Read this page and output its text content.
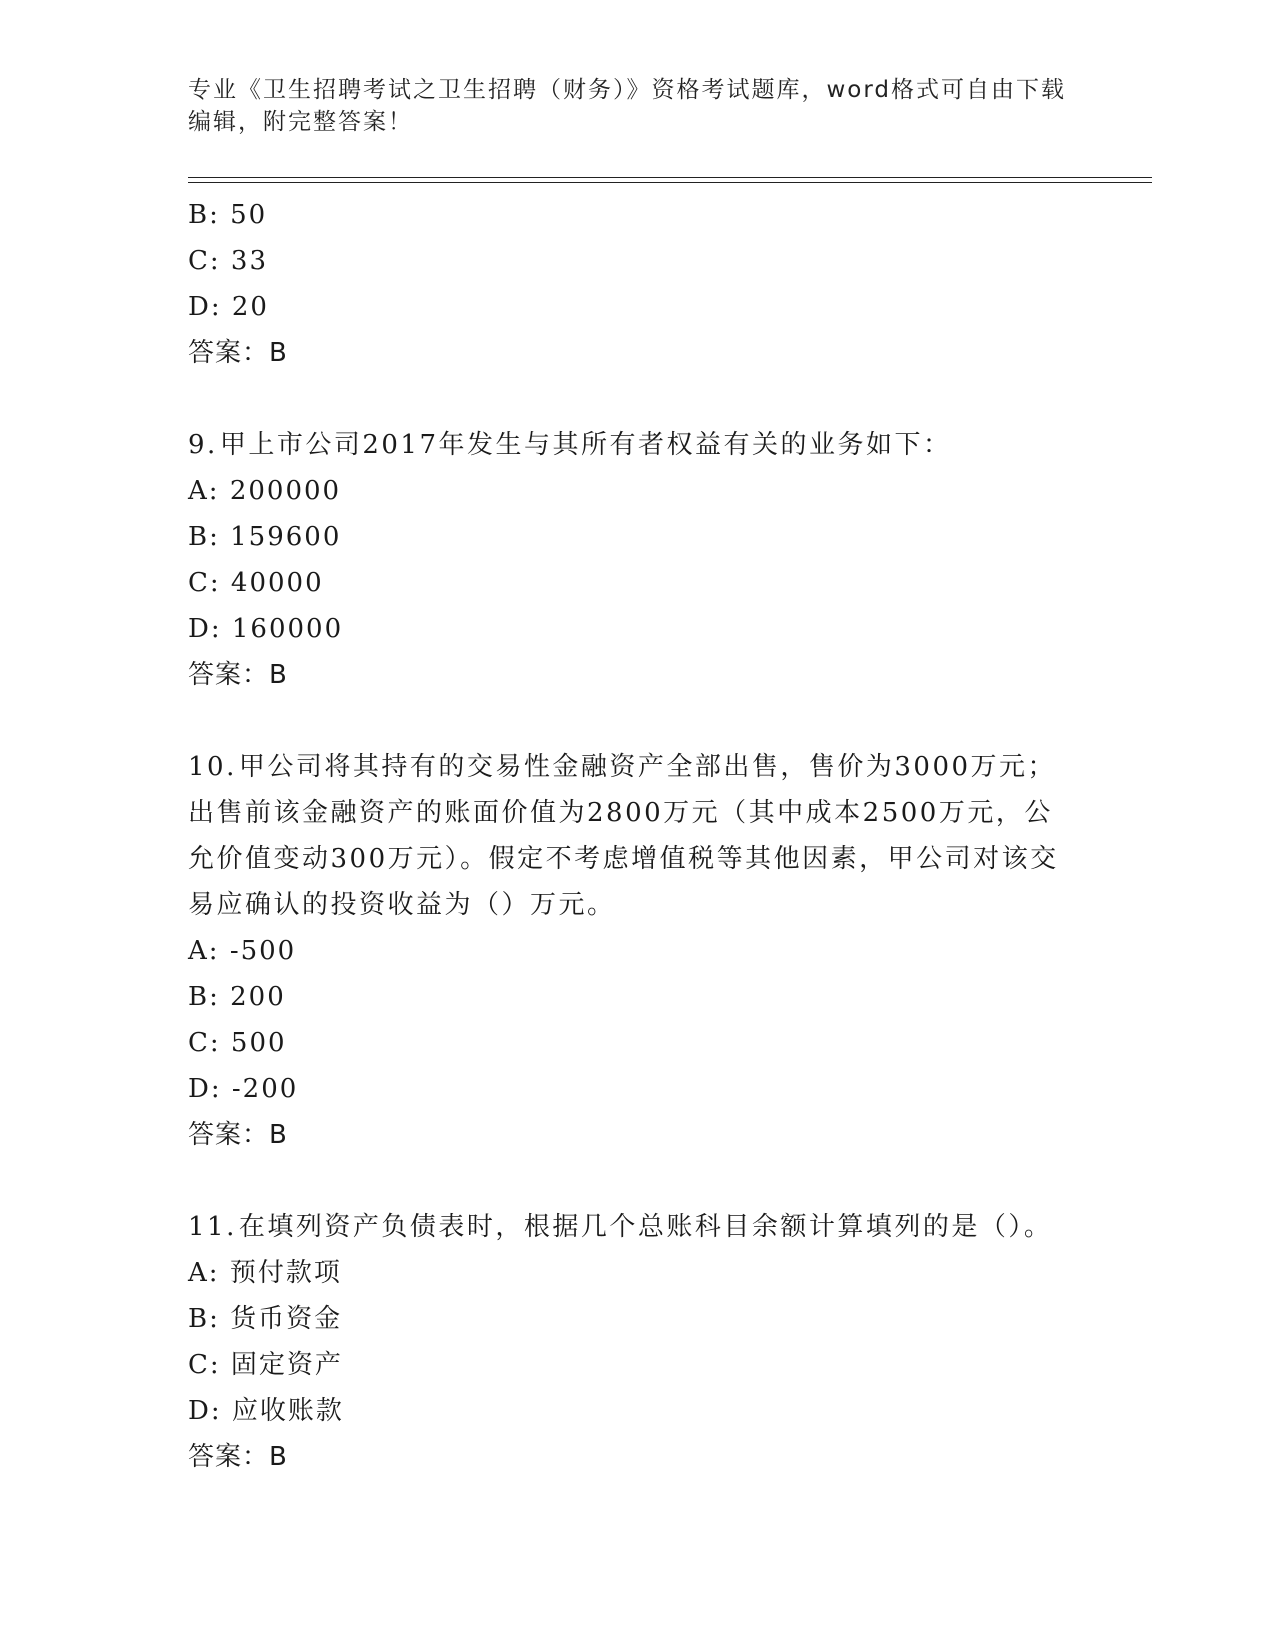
专业《卫生招聘考试之卫生招聘（财务）》资格考试题库，word格式可自由下载
编辑，附完整答案！
B: 50
C: 33
D: 20
答案：B
9.甲上市公司2017年发生与其所有者权益有关的业务如下：
A: 200000
B: 159600
C: 40000
D: 160000
答案：B
10.甲公司将其持有的交易性金融资产全部出售，售价为3000万元；出售前该金融资产的账面价值为2800万元（其中成本2500万元，公允价值变动300万元）。假定不考虑增值税等其他因素，甲公司对该交易应确认的投资收益为（）万元。
A: -500
B: 200
C: 500
D: -200
答案：B
11.在填列资产负债表时，根据几个总账科目余额计算填列的是（）。
A: 预付款项
B: 货币资金
C: 固定资产
D: 应收账款
答案：B
